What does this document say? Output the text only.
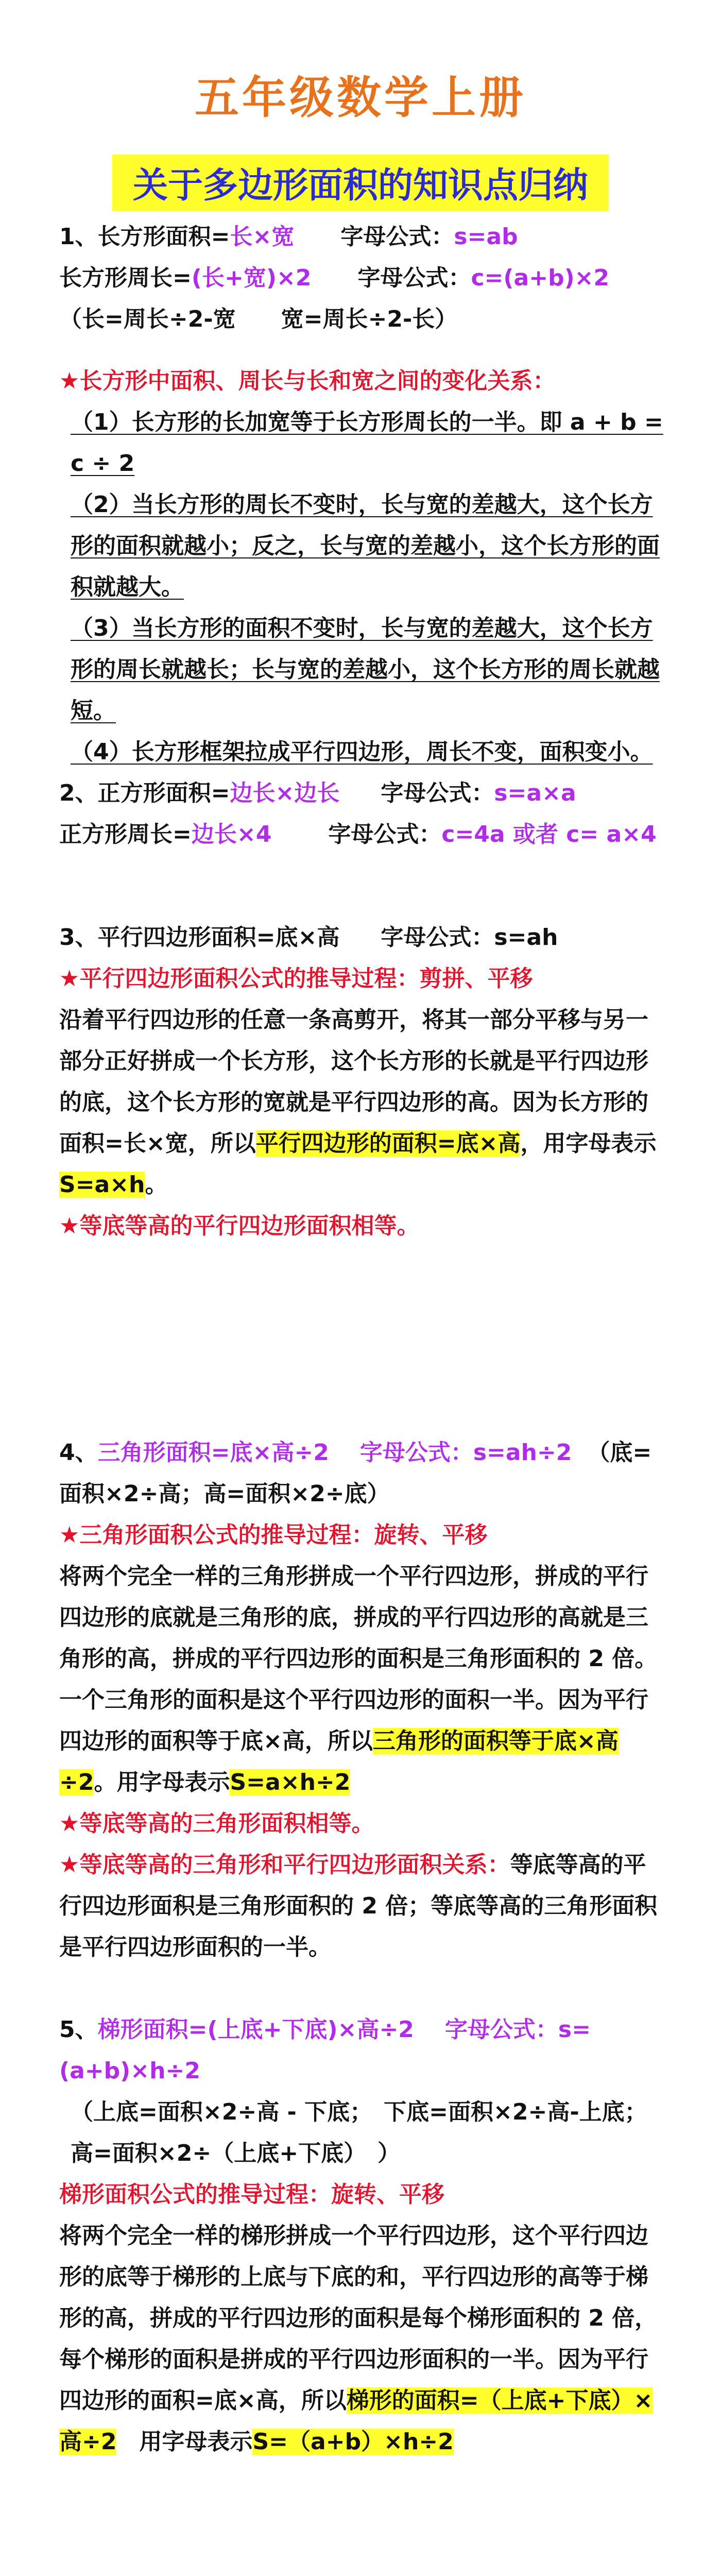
五年级数学上册
关于多边形面积的知识点归纳
1、长方形面积=长×宽 字母公式：s=ab
长方形周长=(长+宽)×2 字母公式：c=(a+b)×2
（长=周长÷2-宽　　宽=周长÷2-长）
★长方形中面积、周长与长和宽之间的变化关系：
（1）长方形的长加宽等于长方形周长的一半。即 a + b = c ÷ 2
（2）当长方形的周长不变时，长与宽的差越大，这个长方形的面积就越小；反之，长与宽的差越小，这个长方形的面积就越大。
（3）当长方形的面积不变时，长与宽的差越大，这个长方形的周长就越长；长与宽的差越小，这个长方形的周长就越短。
（4）长方形框架拉成平行四边形，周长不变，面积变小。
2、正方形面积=边长×边长 字母公式：s=a×a
正方形周长=边长×4	字母公式：c=4a 或者 c= a×4
3、平行四边形面积=底×高 字母公式：s=ah
★平行四边形面积公式的推导过程：剪拼、平移
沿着平行四边形的任意一条高剪开，将其一部分平移与另一部分正好拼成一个长方形，这个长方形的长就是平行四边形的底，这个长方形的宽就是平行四边形的高。因为长方形的面积=长×宽，所以平行四边形的面积=底×高，用字母表示S=a×h。
★等底等高的平行四边形面积相等。
4、三角形面积=底×高÷2 字母公式：s=ah÷2 （底=面积×2÷高；高=面积×2÷底）
★三角形面积公式的推导过程：旋转、平移
将两个完全一样的三角形拼成一个平行四边形，拼成的平行四边形的底就是三角形的底，拼成的平行四边形的高就是三角形的高，拼成的平行四边形的面积是三角形面积的 2 倍。一个三角形的面积是这个平行四边形的面积一半。因为平行四边形的面积等于底×高，所以三角形的面积等于底×高÷2。用字母表示S=a×h÷2
★等底等高的三角形面积相等。
★等底等高的三角形和平行四边形面积关系：等底等高的平行四边形面积是三角形面积的 2 倍；等底等高的三角形面积是平行四边形面积的一半。
5、梯形面积=(上底+下底)×高÷2 字母公式：s=(a+b)×h÷2
（上底=面积×2÷高 - 下底；　下底=面积×2÷高-上底；　高=面积×2÷（上底+下底）　）
梯形面积公式的推导过程：旋转、平移
将两个完全一样的梯形拼成一个平行四边形，这个平行四边形的底等于梯形的上底与下底的和，平行四边形的高等于梯形的高，拼成的平行四边形的面积是每个梯形面积的 2 倍，每个梯形的面积是拼成的平行四边形面积的一半。因为平行四边形的面积=底×高，所以梯形的面积=（上底+下底）×高÷2　用字母表示S=（a+b）×h÷2
